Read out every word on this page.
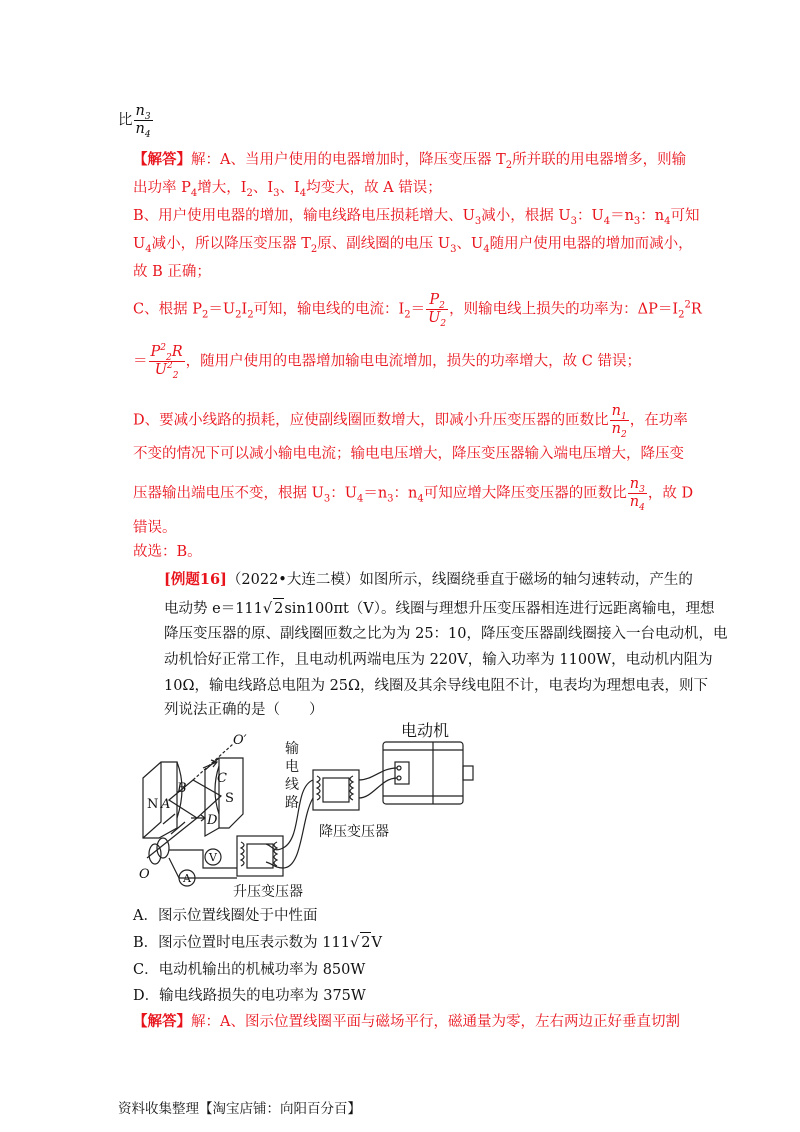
比 $\frac{n_3}{n_4}$
【解答】解：A、当用户使用的电器增加时，降压变压器 $T_2$所并联的用电器增多，则输
出功率 $P_4$增大，$I_2$、$I_3$、$I_4$均变大，故 A 错误；
B、用户使用电器的增加，输电线路电压损耗增大、$U_3$减小，根据 $U_3$：$U_4=n_3$：$n_4$可知
$U_4$减小，所以降压变压器 $T_2$原、副线圈的电压 $U_3$、$U_4$随用户使用电器的增加而减小，
故 B 正确；
C、根据 $P_2=U_2I_2$可知，输电线的电流：$I_2= \frac{P_2}{U_2}$ ，则输电线上损失的功率为：$\Delta P=I_2^2R$
＝ $\frac{P^2_2R}{U^2_2}$ ，随用户使用的电器增加输电电流增加，损失的功率增大，故 C 错误；
D、要减小线路的损耗，应使副线圈匝数增大，即减小升压变压器的匝数比 $\frac{n_1}{n_2}$ ，在功率
不变的情况下可以减小输电电流；输电电压增大，降压变压器输入端电压增大，降压变
压器输出端电压不变，根据 $U_3$：$U_4=n_3$：$n_4$可知应增大降压变压器的匝数比 $\frac{n_3}{n_4}$ ，故 D
错误。
故选：B。
[例题16]（2022•大连二模）如图所示，线圈绕垂直于磁场的轴匀速转动，产生的
电动势 e＝111√ 2sin100πt（V）。线圈与理想升压变压器相连进行远距离输电，理想
降压变压器的原、副线圈匝数之比为为 25：10，降压变压器副线圈接入一台电动机，电
动机恰好正常工作，且电动机两端电压为 220V，输入功率为 1100W，电动机内阻为
10Ω，输电线路总电阻为 25Ω，线圈及其余导线电阻不计，电表均为理想电表，则下
列说法正确的是（　　）
电动机
输
电
线
路
降压变压器
升压变压器
N	S
O′
O
A
B
C
D
V
A
A．图示位置线圈处于中性面
B．图示位置时电压表示数为 111√ 2V
C．电动机输出的机械功率为 850W
D．输电线路损失的电功率为 375W
【解答】解：A、图示位置线圈平面与磁场平行，磁通量为零，左右两边正好垂直切割
资料收集整理【淘宝店铺：向阳百分百】
